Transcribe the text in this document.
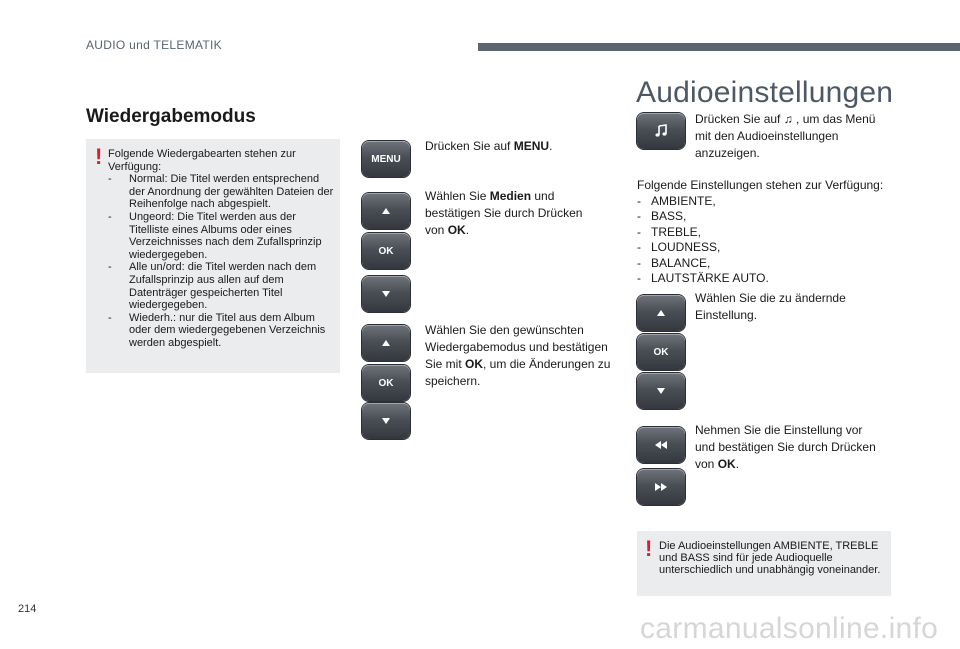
AUDIO und TELEMATIK
Wiedergabemodus
! Folgende Wiedergabearten stehen zur Verfügung:

-	Normal: Die Titel werden entsprechend der Anordnung der gewählten Dateien der Reihenfolge nach abgespielt.
-	Ungeord: Die Titel werden aus der Titelliste eines Albums oder eines Verzeichnisses nach dem Zufallsprinzip wiedergegeben.
-	Alle un/ord: die Titel werden nach dem Zufallsprinzip aus allen auf dem Datenträger gespeicherten Titel wiedergegeben.
-	Wiederh.: nur die Titel aus dem Album oder dem wiedergegebenen Verzeichnis werden abgespielt.
MENU
OK
OK
Drücken Sie auf MENU.
Wählen Sie Medien und bestätigen Sie durch Drücken von OK.
Wählen Sie den gewünschten Wiedergabemodus und bestätigen Sie mit OK, um die Änderungen zu speichern.
Audioeinstellungen
Drücken Sie auf ♫ , um das Menü mit den Audioeinstellungen anzuzeigen.
Folgende Einstellungen stehen zur Verfügung:
- AMBIENTE,
- BASS,
- TREBLE,
- LOUDNESS,
- BALANCE,
- LAUTSTÄRKE AUTO.
OK
Wählen Sie die zu ändernde Einstellung.
Nehmen Sie die Einstellung vor und bestätigen Sie durch Drücken von OK.
! Die Audioeinstellungen AMBIENTE, TREBLE und BASS sind für jede Audioquelle unterschiedlich und unabhängig voneinander.
214
carmanualsonline.info
